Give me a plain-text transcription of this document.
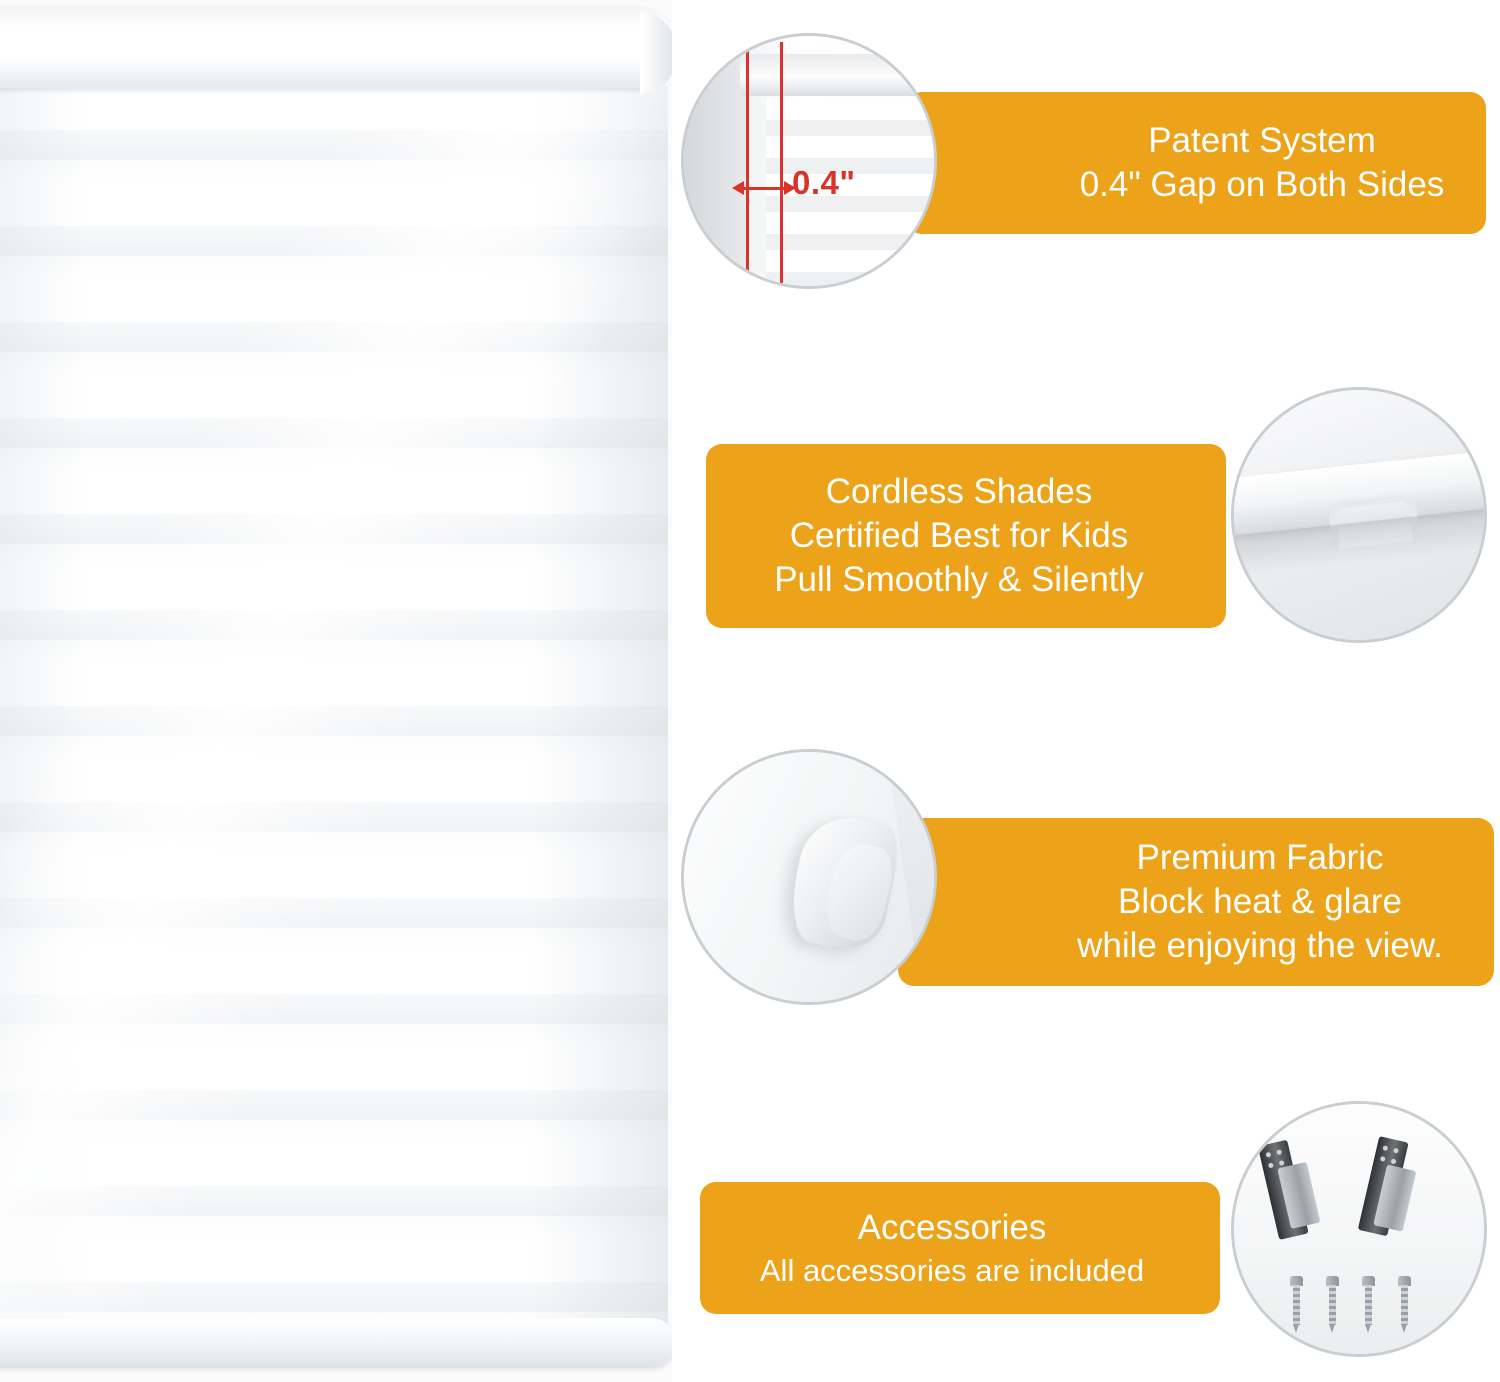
Patent System
0.4" Gap on Both Sides
0.4"
Cordless Shades
Certified Best for Kids
Pull Smoothly & Silently
Premium Fabric
Block heat & glare
while enjoying the view.
Accessories
All accessories are included
